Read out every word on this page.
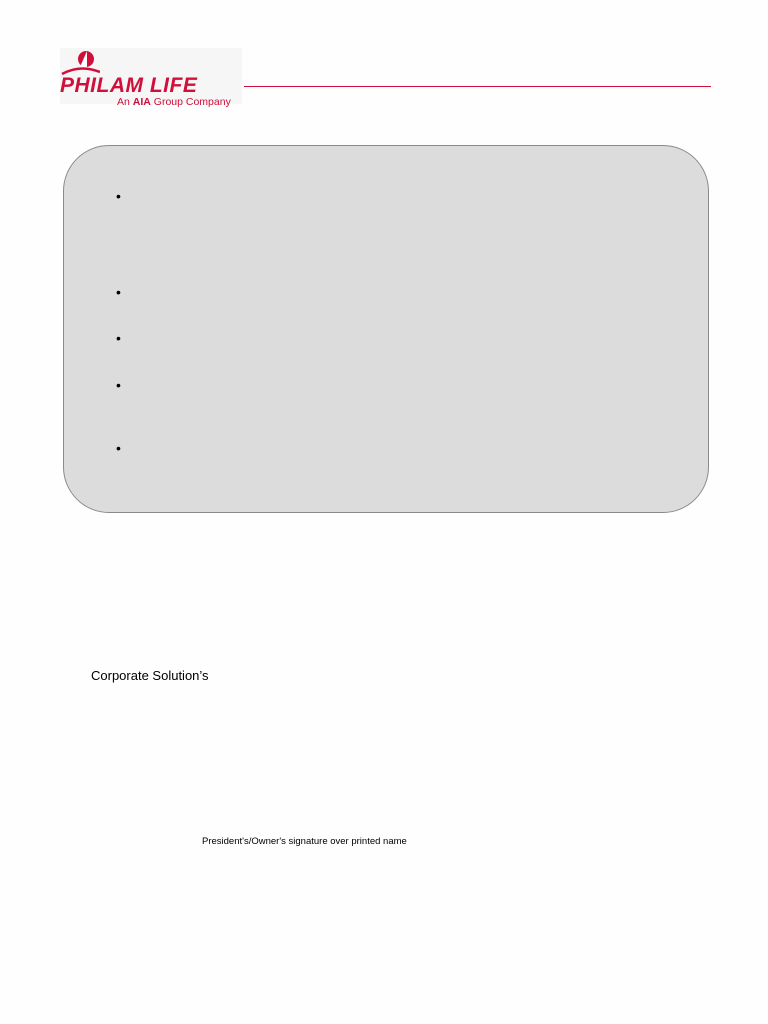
PHILAM LIFE
An AIA Group Company
•
•
•
•
•
Corporate Solution’s
President's/Owner's signature over printed name
